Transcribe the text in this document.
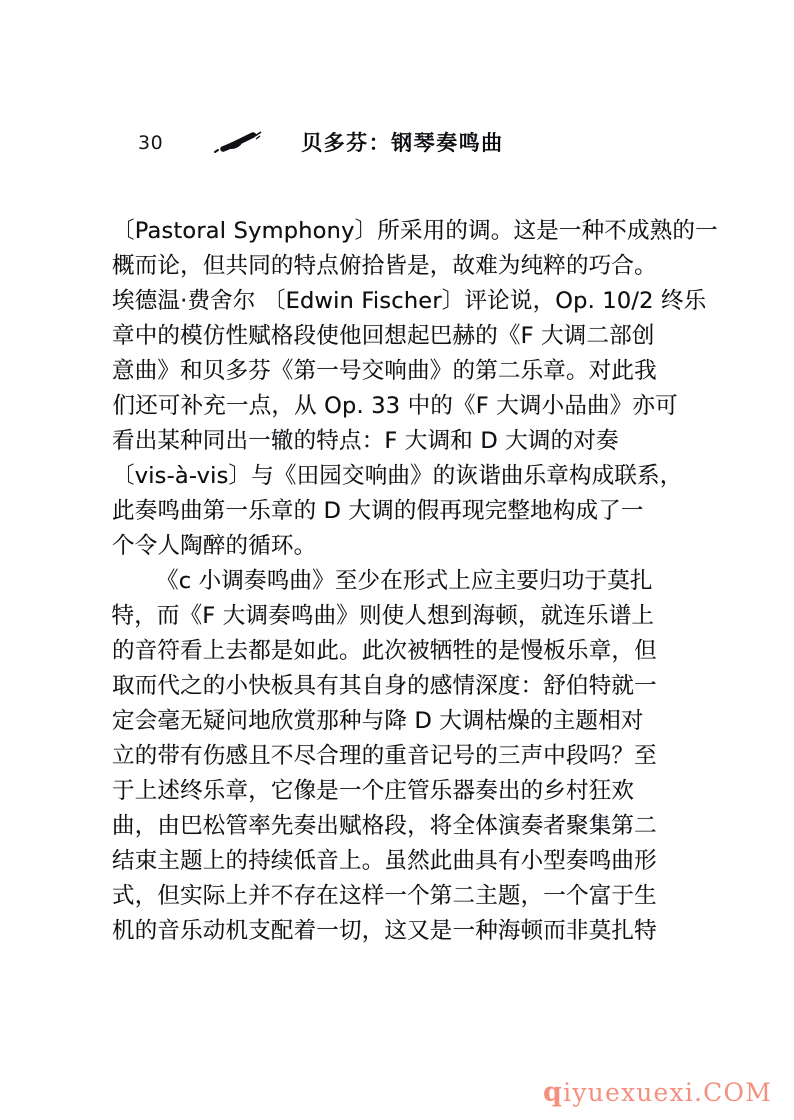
30	贝多芬：钢琴奏鸣曲
〔Pastoral Symphony〕所采用的调。这是一种不成熟的一
概而论，但共同的特点俯拾皆是，故难为纯粹的巧合。
埃德温·费舍尔 〔Edwin Fischer〕评论说，Op. 10/2 终乐
章中的模仿性赋格段使他回想起巴赫的《F 大调二部创
意曲》和贝多芬《第一号交响曲》的第二乐章。对此我
们还可补充一点，从 Op. 33 中的《F 大调小品曲》亦可
看出某种同出一辙的特点：F 大调和 D 大调的对奏
〔vis-à-vis〕与《田园交响曲》的诙谐曲乐章构成联系，
此奏鸣曲第一乐章的 D 大调的假再现完整地构成了一
个令人陶醉的循环。
《c 小调奏鸣曲》至少在形式上应主要归功于莫扎
特，而《F 大调奏鸣曲》则使人想到海顿，就连乐谱上
的音符看上去都是如此。此次被牺牲的是慢板乐章，但
取而代之的小快板具有其自身的感情深度：舒伯特就一
定会毫无疑问地欣赏那种与降 D 大调枯燥的主题相对
立的带有伤感且不尽合理的重音记号的三声中段吗？至
于上述终乐章，它像是一个庄管乐器奏出的乡村狂欢
曲，由巴松管率先奏出赋格段，将全体演奏者聚集第二
结束主题上的持续低音上。虽然此曲具有小型奏鸣曲形
式，但实际上并不存在这样一个第二主题，一个富于生
机的音乐动机支配着一切，这又是一种海顿而非莫扎特
qiyuexuexi.COM
